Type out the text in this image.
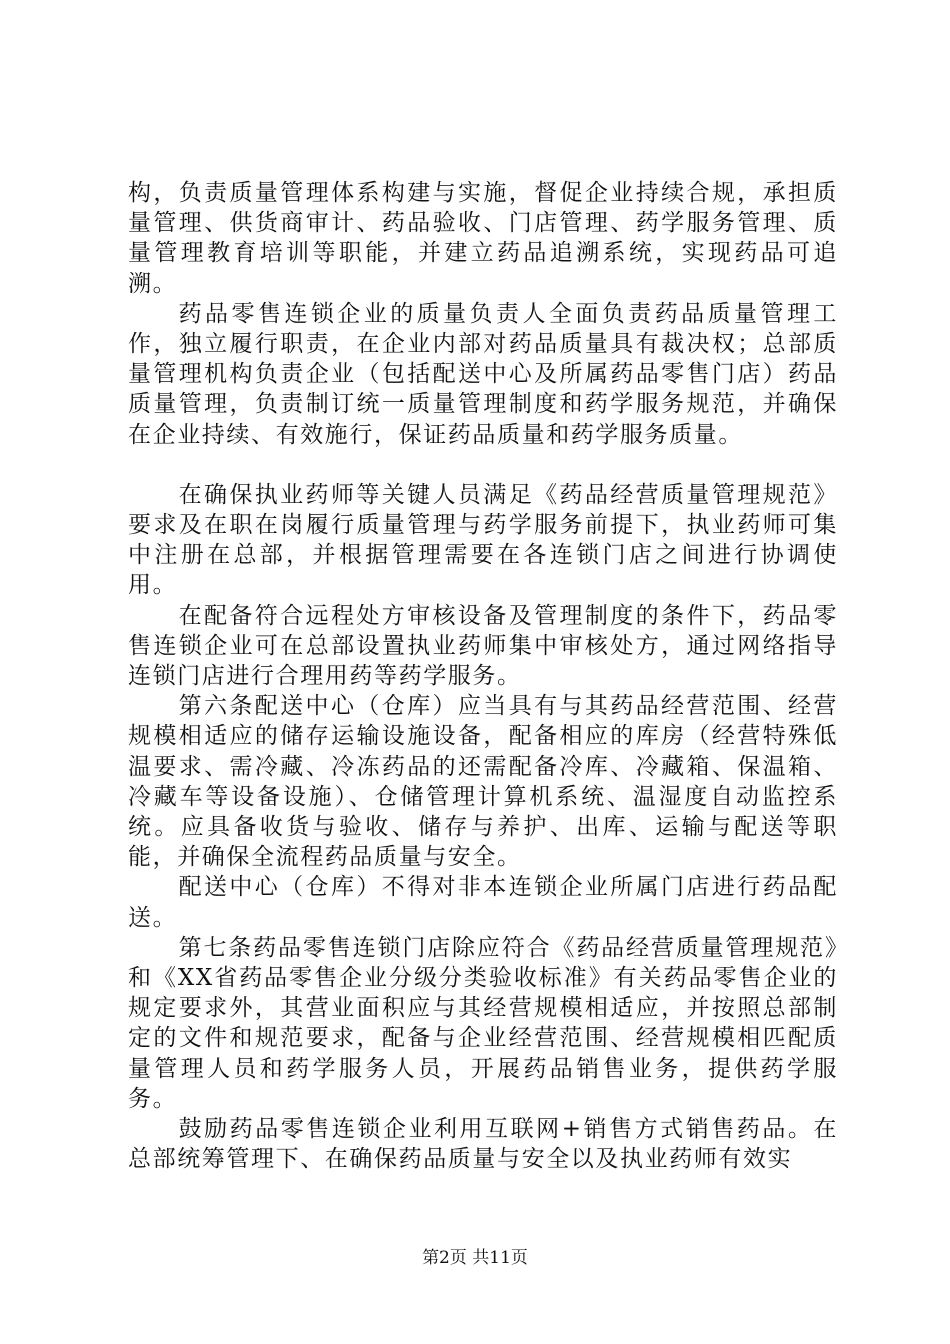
构，负责质量管理体系构建与实施，督促企业持续合规，承担质量管理、供货商审计、药品验收、门店管理、药学服务管理、质量管理教育培训等职能，并建立药品追溯系统，实现药品可追溯。

药品零售连锁企业的质量负责人全面负责药品质量管理工作，独立履行职责，在企业内部对药品质量具有裁决权；总部质量管理机构负责企业（包括配送中心及所属药品零售门店）药品质量管理，负责制订统一质量管理制度和药学服务规范，并确保在企业持续、有效施行，保证药品质量和药学服务质量。

在确保执业药师等关键人员满足《药品经营质量管理规范》要求及在职在岗履行质量管理与药学服务前提下，执业药师可集中注册在总部，并根据管理需要在各连锁门店之间进行协调使用。

在配备符合远程处方审核设备及管理制度的条件下，药品零售连锁企业可在总部设置执业药师集中审核处方，通过网络指导连锁门店进行合理用药等药学服务。

第六条配送中心（仓库）应当具有与其药品经营范围、经营规模相适应的储存运输设施设备，配备相应的库房（经营特殊低温要求、需冷藏、冷冻药品的还需配备冷库、冷藏箱、保温箱、冷藏车等设备设施）、仓储管理计算机系统、温湿度自动监控系统。应具备收货与验收、储存与养护、出库、运输与配送等职能，并确保全流程药品质量与安全。

配送中心（仓库）不得对非本连锁企业所属门店进行药品配送。

第七条药品零售连锁门店除应符合《药品经营质量管理规范》和《XX省药品零售企业分级分类验收标准》有关药品零售企业的规定要求外，其营业面积应与其经营规模相适应，并按照总部制定的文件和规范要求，配备与企业经营范围、经营规模相匹配质量管理人员和药学服务人员，开展药品销售业务，提供药学服务。

鼓励药品零售连锁企业利用互联网+销售方式销售药品。在总部统筹管理下、在确保药品质量与安全以及执业药师有效实

第2页 共11页
